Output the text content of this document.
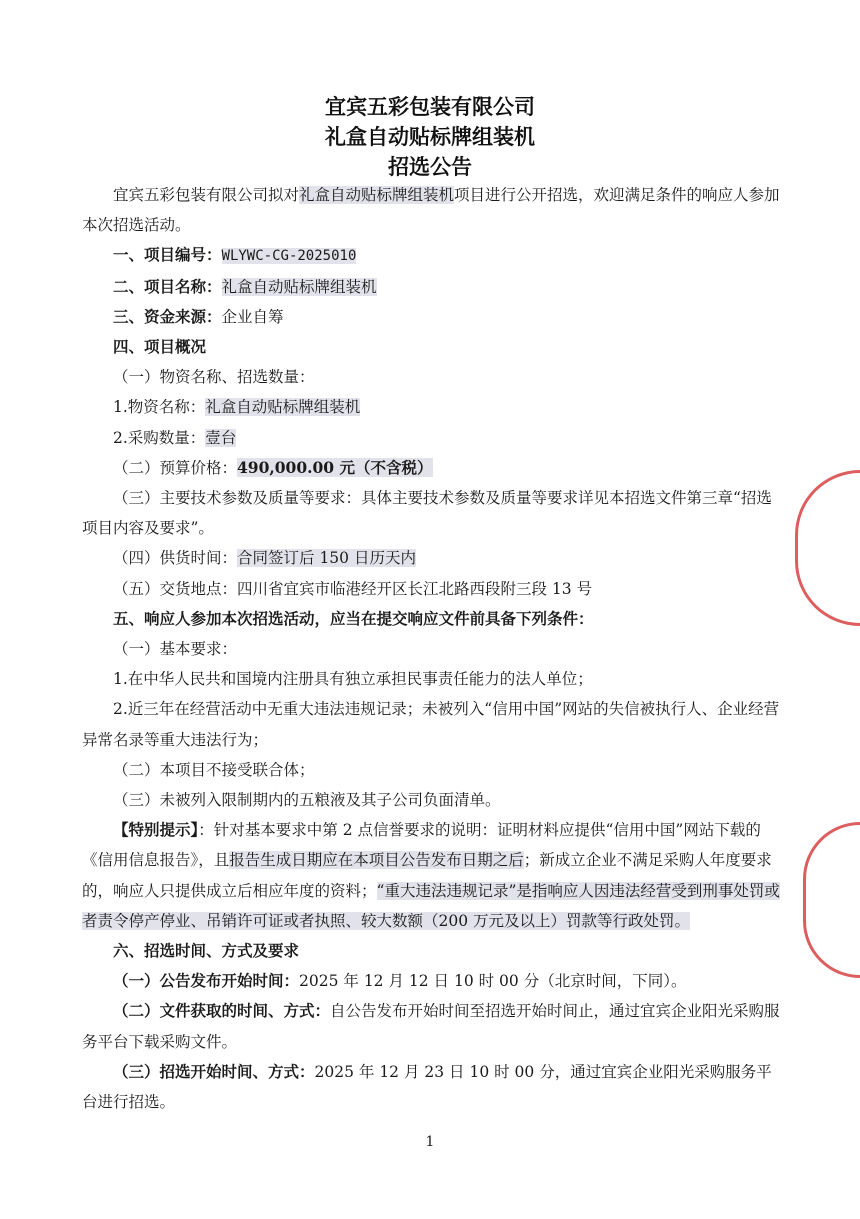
宜宾五彩包装有限公司
礼盒自动贴标牌组装机
招选公告

宜宾五彩包装有限公司拟对礼盒自动贴标牌组装机项目进行公开招选，欢迎满足条件的响应人参加本次招选活动。

一、项目编号：WLYWC-CG-2025010

二、项目名称：礼盒自动贴标牌组装机

三、资金来源：企业自筹

四、项目概况

（一）物资名称、招选数量：

1.物资名称：礼盒自动贴标牌组装机

2.采购数量：壹台

（二）预算价格：490,000.00 元（不含税）

（三）主要技术参数及质量等要求：具体主要技术参数及质量等要求详见本招选文件第三章“招选项目内容及要求”。

（四）供货时间：合同签订后 150 日历天内

（五）交货地点：四川省宜宾市临港经开区长江北路西段附三段 13 号

五、响应人参加本次招选活动，应当在提交响应文件前具备下列条件：

（一）基本要求：

1.在中华人民共和国境内注册具有独立承担民事责任能力的法人单位；

2.近三年在经营活动中无重大违法违规记录；未被列入“信用中国”网站的失信被执行人、企业经营异常名录等重大违法行为；

（二）本项目不接受联合体；

（三）未被列入限制期内的五粮液及其子公司负面清单。

【特别提示】：针对基本要求中第 2 点信誉要求的说明：证明材料应提供“信用中国”网站下载的《信用信息报告》，且报告生成日期应在本项目公告发布日期之后；新成立企业不满足采购人年度要求的，响应人只提供成立后相应年度的资料；“重大违法违规记录”是指响应人因违法经营受到刑事处罚或者责令停产停业、吊销许可证或者执照、较大数额（200 万元及以上）罚款等行政处罚。

六、招选时间、方式及要求

（一）公告发布开始时间：2025 年 12 月 12 日 10 时 00 分（北京时间，下同）。

（二）文件获取的时间、方式：自公告发布开始时间至招选开始时间止，通过宜宾企业阳光采购服务平台下载采购文件。

（三）招选开始时间、方式：2025 年 12 月 23 日 10 时 00 分，通过宜宾企业阳光采购服务平台进行招选。

1
